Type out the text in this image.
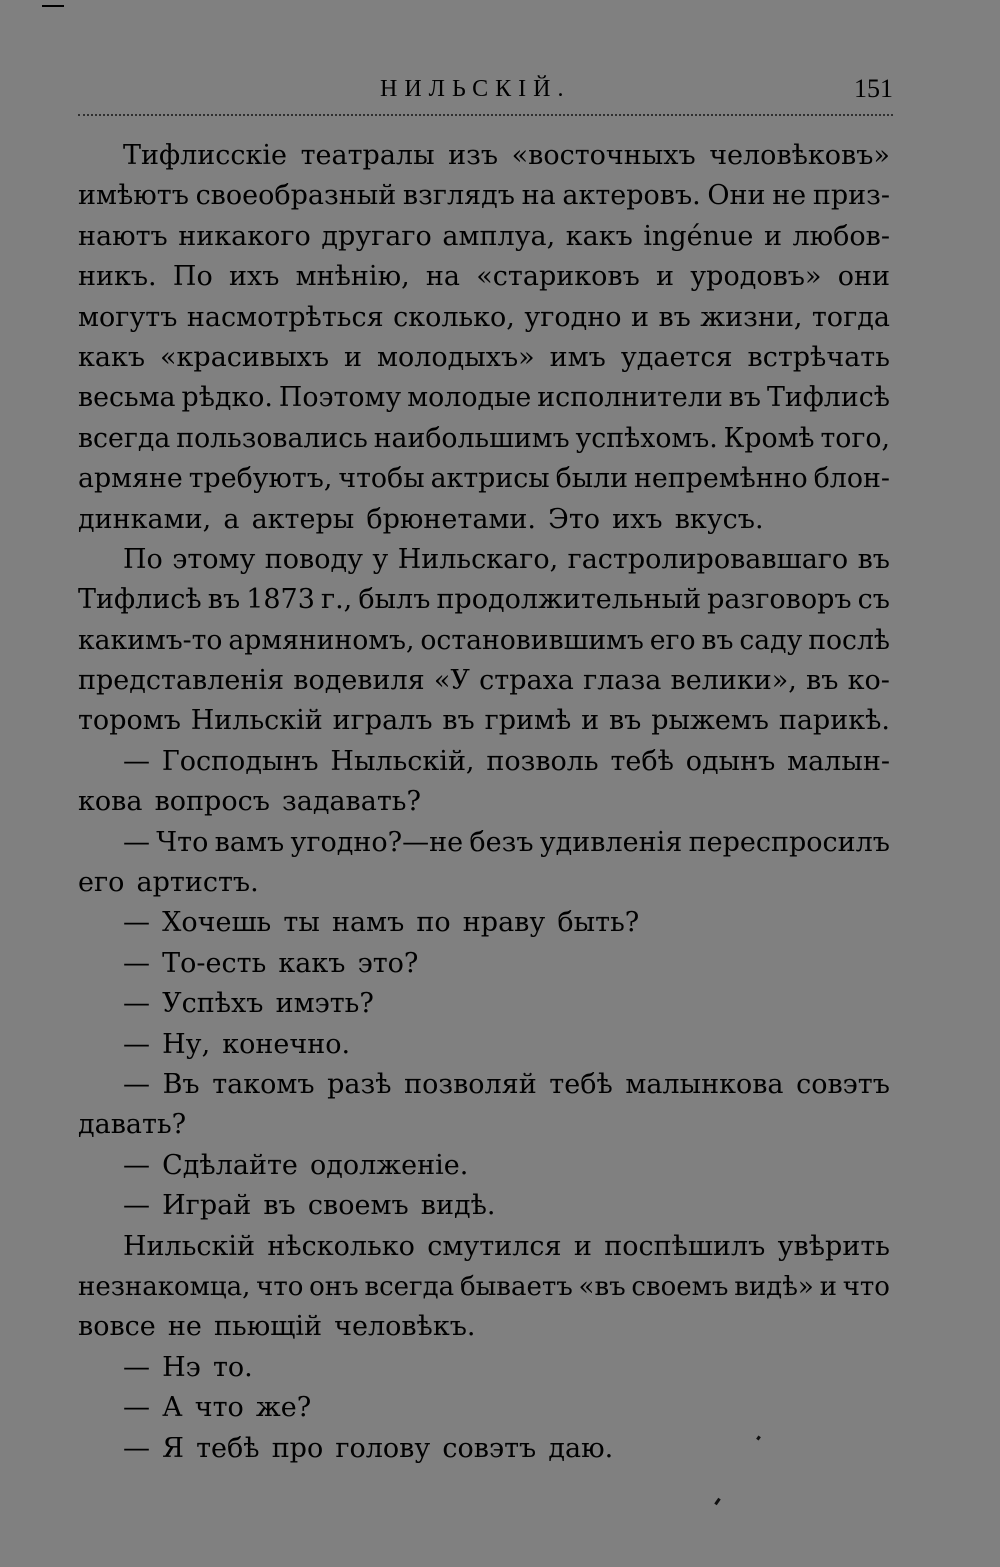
НИЛЬСКIЙ.	151
Тифлисскіе театралы изъ «восточныхъ человѣковъ»
имѣютъ своеобразный взглядъ на актеровъ. Они не приз-
наютъ никакого другаго амплуа, какъ ingénue и любов-
никъ. По ихъ мнѣнію, на «стариковъ и уродовъ» они
могутъ насмотрѣться сколько, угодно и въ жизни, тогда
какъ «красивыхъ и молодыхъ» имъ удается встрѣчать
весьма рѣдко. Поэтому молодые исполнители въ Тифлисѣ
всегда пользовались наибольшимъ успѣхомъ. Кромѣ того,
армяне требуютъ, чтобы актрисы были непремѣнно блон-
динками, а актеры брюнетами. Это ихъ вкусъ.
По этому поводу у Нильскаго, гастролировавшаго въ
Тифлисѣ въ 1873 г., былъ продолжительный разговоръ съ
какимъ-то армяниномъ, остановившимъ его въ саду послѣ
представленія водевиля «У страха глаза велики», въ ко-
торомъ Нильскій игралъ въ гримѣ и въ рыжемъ парикѣ.
— Господынъ Ныльскій, позволь тебѣ одынъ малын-
кова вопросъ задавать?
— Что вамъ угодно?—не безъ удивленія переспросилъ
его артистъ.
— Хочешь ты намъ по нраву быть?
— То-есть какъ это?
— Успѣхъ имэть?
— Ну, конечно.
— Въ такомъ разѣ позволяй тебѣ малынкова совэтъ
давать?
— Сдѣлайте одолженіе.
— Играй въ своемъ видѣ.
Нильскій нѣсколько смутился и поспѣшилъ увѣрить
незнакомца, что онъ всегда бываетъ «въ своемъ видѣ» и что
вовсе не пьющій человѣкъ.
— Нэ то.
— А что же?
— Я тебѣ про голову совэтъ даю.
